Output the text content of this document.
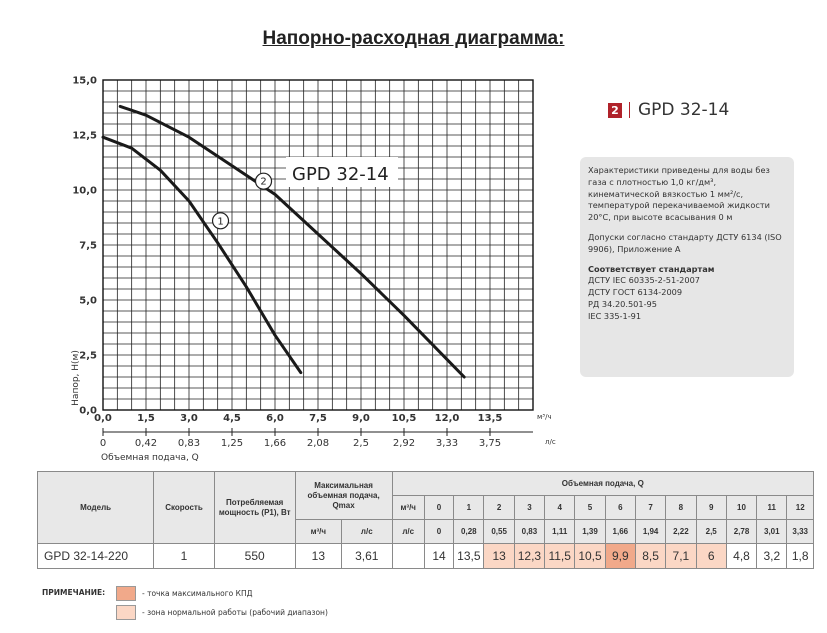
Напорно-расходная диаграмма:
0,0
2,5
5,0
7,5
10,0
12,5
15,0
0,0	1,5	3,0	4,5	6,0	7,5	9,0 10,5 12,0 13,5	м³/ч
0	0,42 0,83 1,25 1,66 2,08 2,5 2,92 3,33 3,75	л/с
Объемная подача, Q
Напор, H(м)
1
2 GPD 32-14
2 GPD 32-14
Характеристики приведены для воды без газа с плотностью 1,0 кг/дм³, кинематической вязкостью 1 мм²/с, температурой перекачиваемой жидкости 20°С, при высоте всасывания 0 м
Допуски согласно стандарту ДСТУ 6134 (ISO 9906), Приложение А
Соответствует стандартам
ДСТУ IEC 60335-2-51-2007
ДСТУ ГОСТ 6134-2009
РД 34.20.501-95
IEC 335-1-91
Модель	Скорость	Потребляемая мощность (P1), Вт	Максимальная объемная подача, Qmax		Объемная подача, Q													
					м³/ч	0	1	2	3	4	5	6	7	8	9	10	11	12
			м³/ч	л/с	л/с	0	0,28	0,55	0,83	1,11	1,39	1,66	1,94	2,22	2,5	2,78	3,01	3,33
GPD 32-14-220	1	550	13	3,61		14	13,5	13	12,3	11,5	10,5	9,9	8,5	7,1	6	4,8	3,2	1,8
ПРИМЕЧАНИЕ:	- точка максимального КПД
- зона нормальной работы (рабочий диапазон)
